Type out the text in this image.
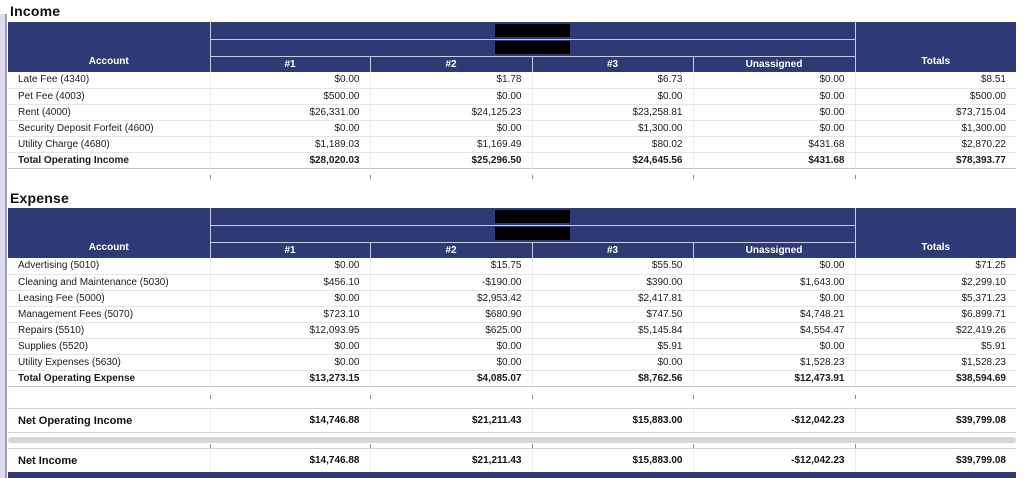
Income
Account					Totals

	#1	#2	#3	Unassigned	
Late Fee (4340)	$0.00	$1.78	$6.73	$0.00	$8.51
Pet Fee (4003)	$500.00	$0.00	$0.00	$0.00	$500.00
Rent (4000)	$26,331.00	$24,125.23	$23,258.81	$0.00	$73,715.04
Security Deposit Forfeit (4600)	$0.00	$0.00	$1,300.00	$0.00	$1,300.00
Utility Charge (4680)	$1,189.03	$1,169.49	$80.02	$431.68	$2,870.22
Total Operating Income	$28,020.03	$25,296.50	$24,645.56	$431.68	$78,393.77
Expense
Account					Totals

	#1	#2	#3	Unassigned	
Advertising (5010)	$0.00	$15.75	$55.50	$0.00	$71.25
Cleaning and Maintenance (5030)	$456.10	-$190.00	$390.00	$1,643.00	$2,299.10
Leasing Fee (5000)	$0.00	$2,953.42	$2,417.81	$0.00	$5,371.23
Management Fees (5070)	$723.10	$680.90	$747.50	$4,748.21	$6,899.71
Repairs (5510)	$12,093.95	$625.00	$5,145.84	$4,554.47	$22,419.26
Supplies (5520)	$0.00	$0.00	$5.91	$0.00	$5.91
Utility Expenses (5630)	$0.00	$0.00	$0.00	$1,528.23	$1,528.23
Total Operating Expense	$13,273.15	$4,085.07	$8,762.56	$12,473.91	$38,594.69
Net Operating Income	$14,746.88	$21,211.43	$15,883.00	-$12,042.23	$39,799.08
Net Income	$14,746.88	$21,211.43	$15,883.00	-$12,042.23	$39,799.08
